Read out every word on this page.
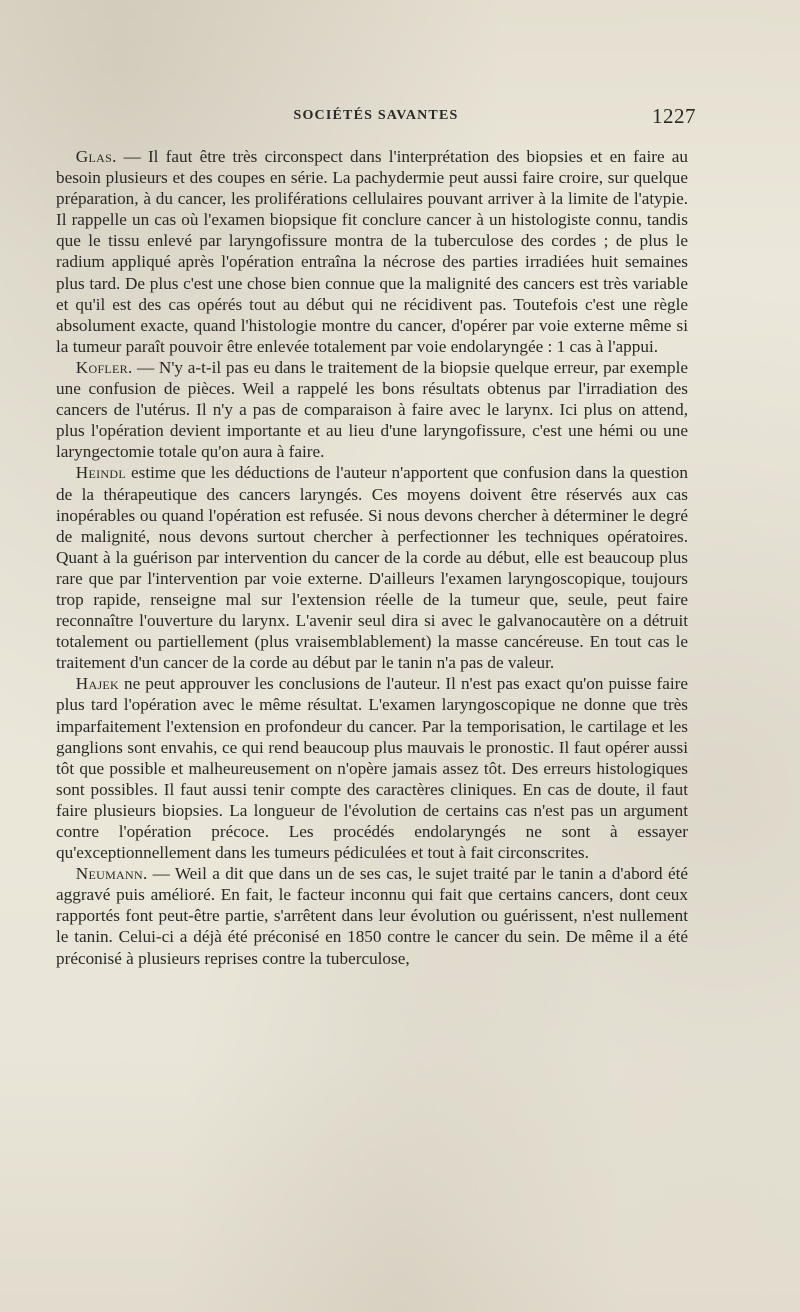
SOCIÉTÉS SAVANTES	1227

Glas. — Il faut être très circonspect dans l'interprétation des biopsies et en faire au besoin plusieurs et des coupes en série. La pachydermie peut aussi faire croire, sur quelque préparation, à du cancer, les proliférations cellulaires pouvant arriver à la limite de l'atypie. Il rappelle un cas où l'examen biopsique fit conclure cancer à un histologiste connu, tandis que le tissu enlevé par laryngofissure montra de la tuberculose des cordes ; de plus le radium appliqué après l'opération entraîna la nécrose des parties irradiées huit semaines plus tard. De plus c'est une chose bien connue que la malignité des cancers est très variable et qu'il est des cas opérés tout au début qui ne récidivent pas. Toutefois c'est une règle absolument exacte, quand l'histologie montre du cancer, d'opérer par voie externe même si la tumeur paraît pouvoir être enlevée totalement par voie endolaryngée : 1 cas à l'appui.

Kofler. — N'y a-t-il pas eu dans le traitement de la biopsie quelque erreur, par exemple une confusion de pièces. Weil a rappelé les bons résultats obtenus par l'irradiation des cancers de l'utérus. Il n'y a pas de comparaison à faire avec le larynx. Ici plus on attend, plus l'opération devient importante et au lieu d'une laryngofissure, c'est une hémi ou une laryngectomie totale qu'on aura à faire.

Heindl estime que les déductions de l'auteur n'apportent que confusion dans la question de la thérapeutique des cancers laryngés. Ces moyens doivent être réservés aux cas inopérables ou quand l'opération est refusée. Si nous devons chercher à déterminer le degré de malignité, nous devons surtout chercher à perfectionner les techniques opératoires. Quant à la guérison par intervention du cancer de la corde au début, elle est beaucoup plus rare que par l'intervention par voie externe. D'ailleurs l'examen laryngoscopique, toujours trop rapide, renseigne mal sur l'extension réelle de la tumeur que, seule, peut faire reconnaître l'ouverture du larynx. L'avenir seul dira si avec le galvanocautère on a détruit totalement ou partiellement (plus vraisemblablement) la masse cancéreuse. En tout cas le traitement d'un cancer de la corde au début par le tanin n'a pas de valeur.

Hajek ne peut approuver les conclusions de l'auteur. Il n'est pas exact qu'on puisse faire plus tard l'opération avec le même résultat. L'examen laryngoscopique ne donne que très imparfaitement l'extension en profondeur du cancer. Par la temporisation, le cartilage et les ganglions sont envahis, ce qui rend beaucoup plus mauvais le pronostic. Il faut opérer aussi tôt que possible et malheureusement on n'opère jamais assez tôt. Des erreurs histologiques sont possibles. Il faut aussi tenir compte des caractères cliniques. En cas de doute, il faut faire plusieurs biopsies. La longueur de l'évolution de certains cas n'est pas un argument contre l'opération précoce. Les procédés endolaryngés ne sont à essayer qu'exceptionnellement dans les tumeurs pédiculées et tout à fait circonscrites.

Neumann. — Weil a dit que dans un de ses cas, le sujet traité par le tanin a d'abord été aggravé puis amélioré. En fait, le facteur inconnu qui fait que certains cancers, dont ceux rapportés font peut-être partie, s'arrêtent dans leur évolution ou guérissent, n'est nullement le tanin. Celui-ci a déjà été préconisé en 1850 contre le cancer du sein. De même il a été préconisé à plusieurs reprises contre la tuberculose,
